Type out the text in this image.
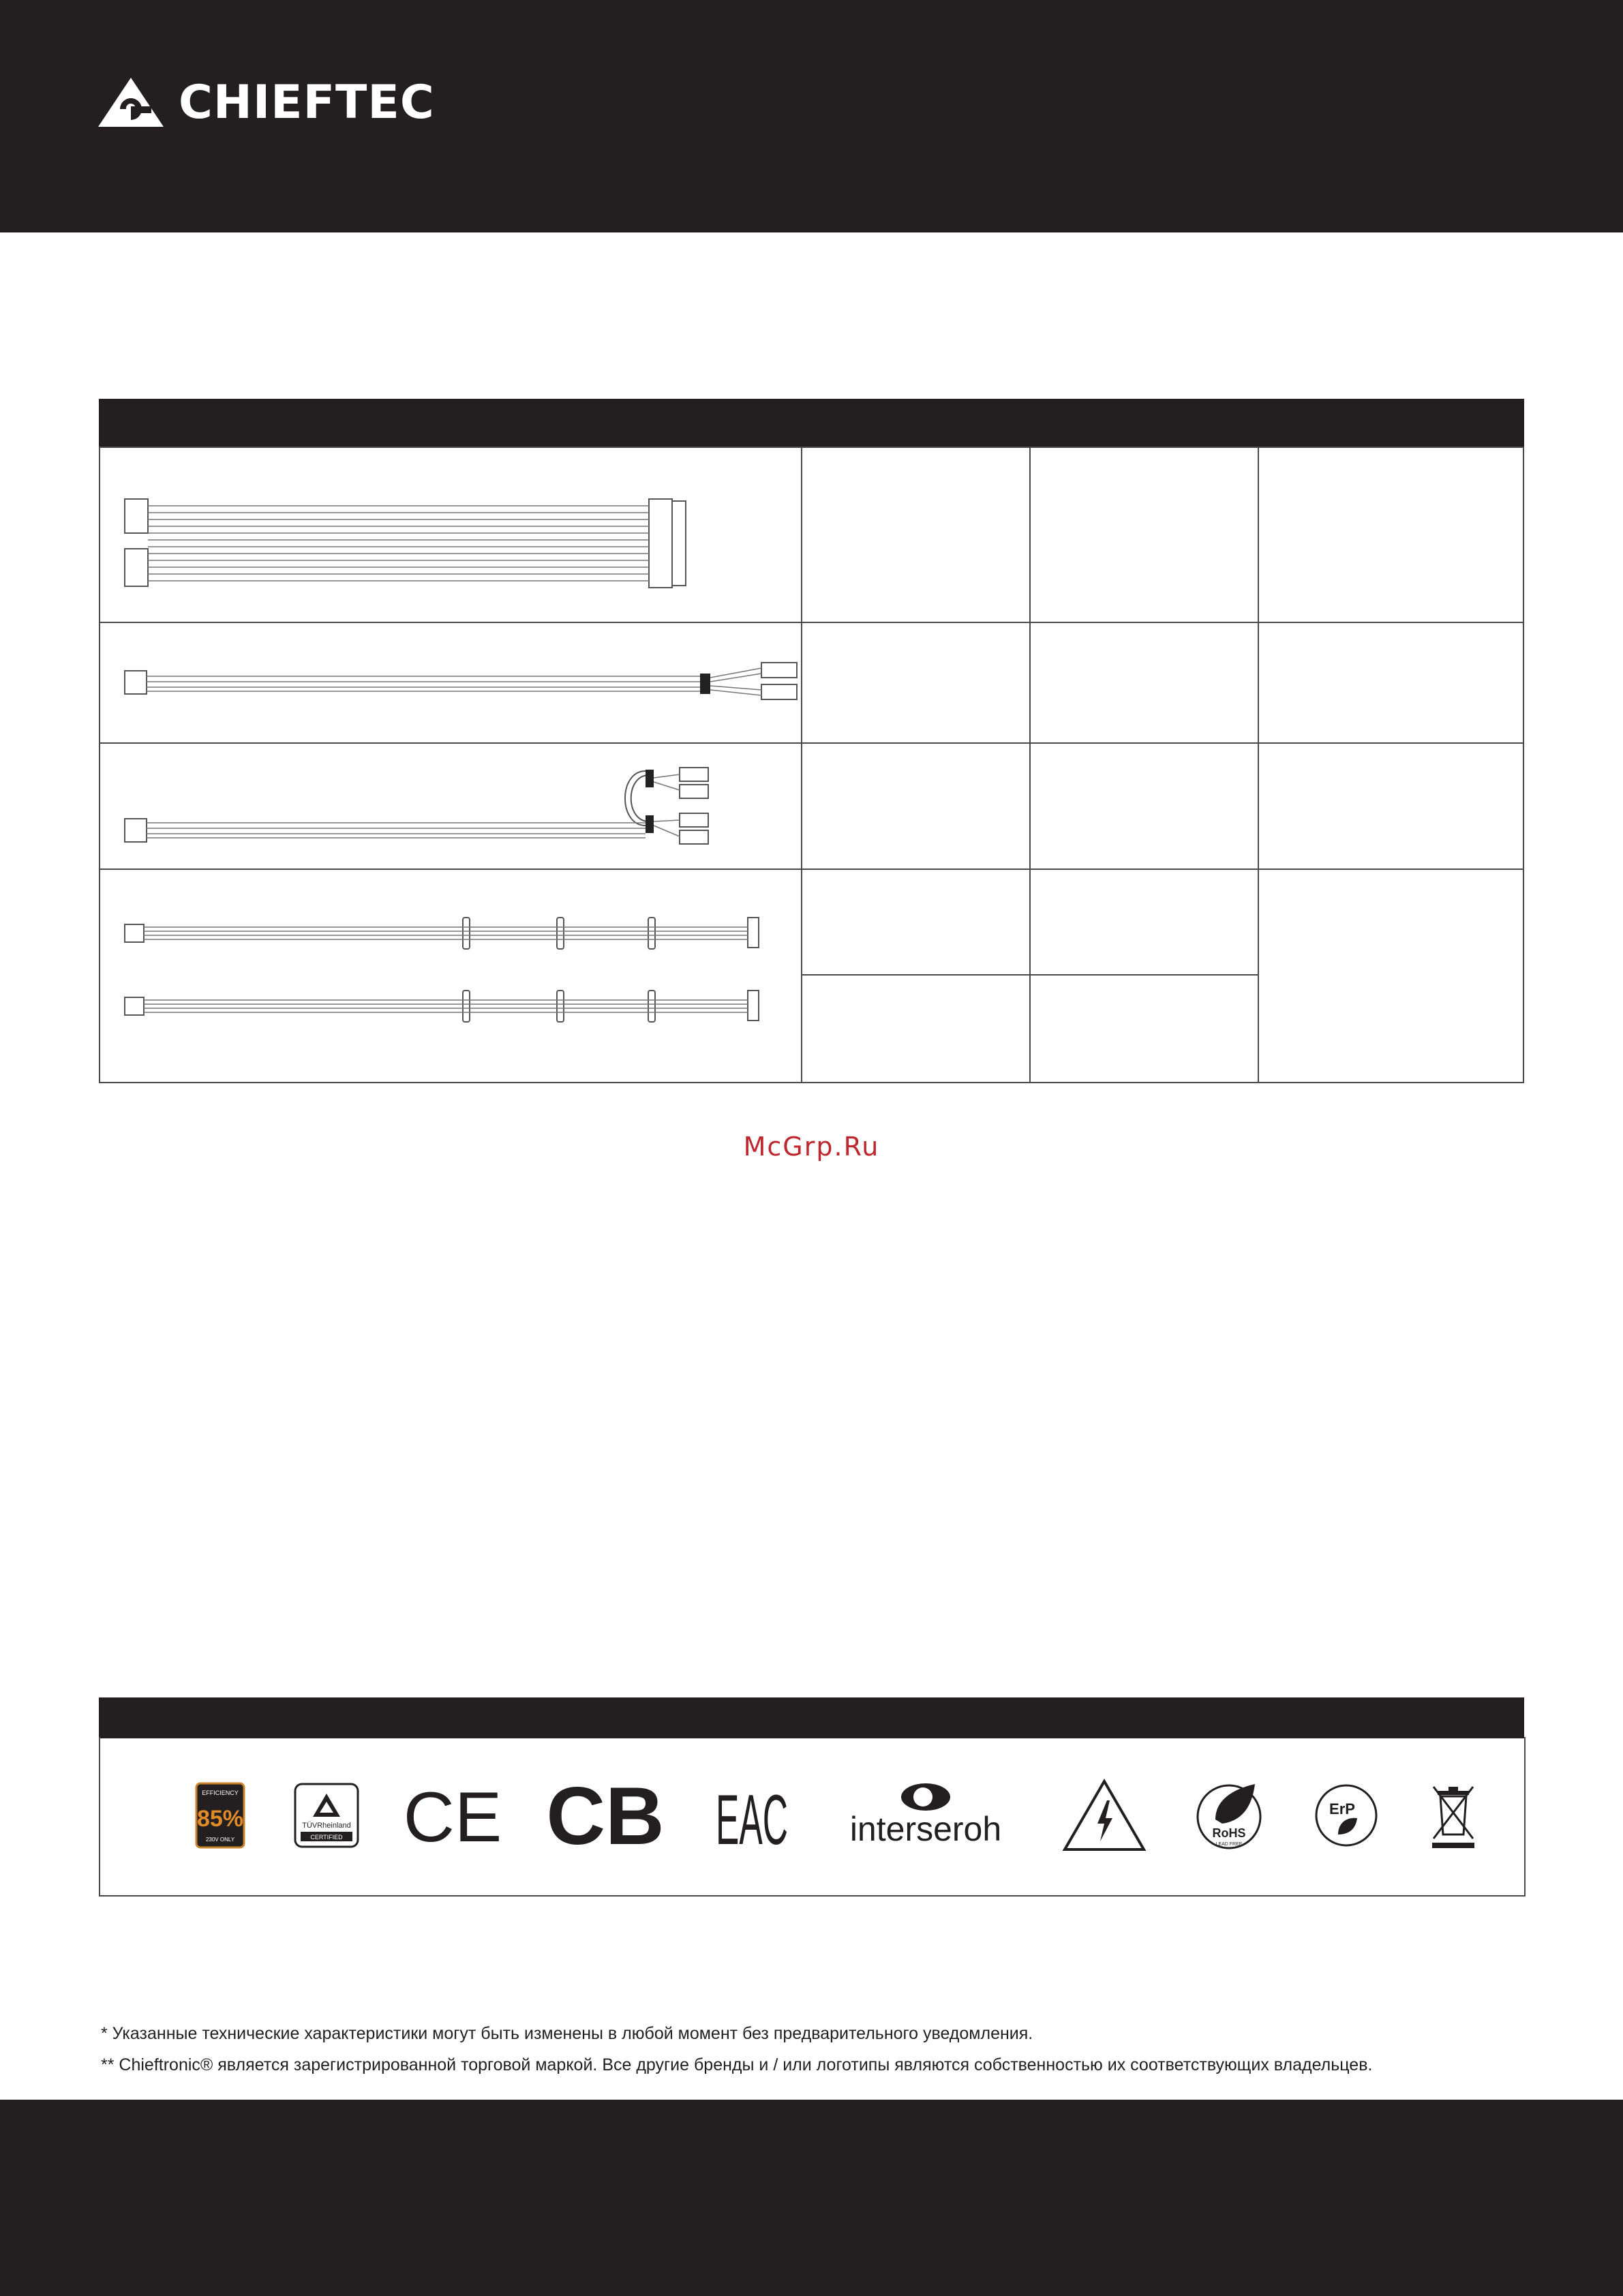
CHIEFTEC

McGrp.Ru
EFFICIENCY
85%
230V ONLY
TÜVRheinland
CERTIFIED CE CB EAC interseroh	RoHS
LEAD FREE
ErP
* Указанные технические характеристики могут быть изменены в любой момент без предварительного уведомления.
** Chieftronic® является зарегистрированной торговой маркой. Все другие бренды и / или логотипы являются собственностью их соответствующих владельцев.
